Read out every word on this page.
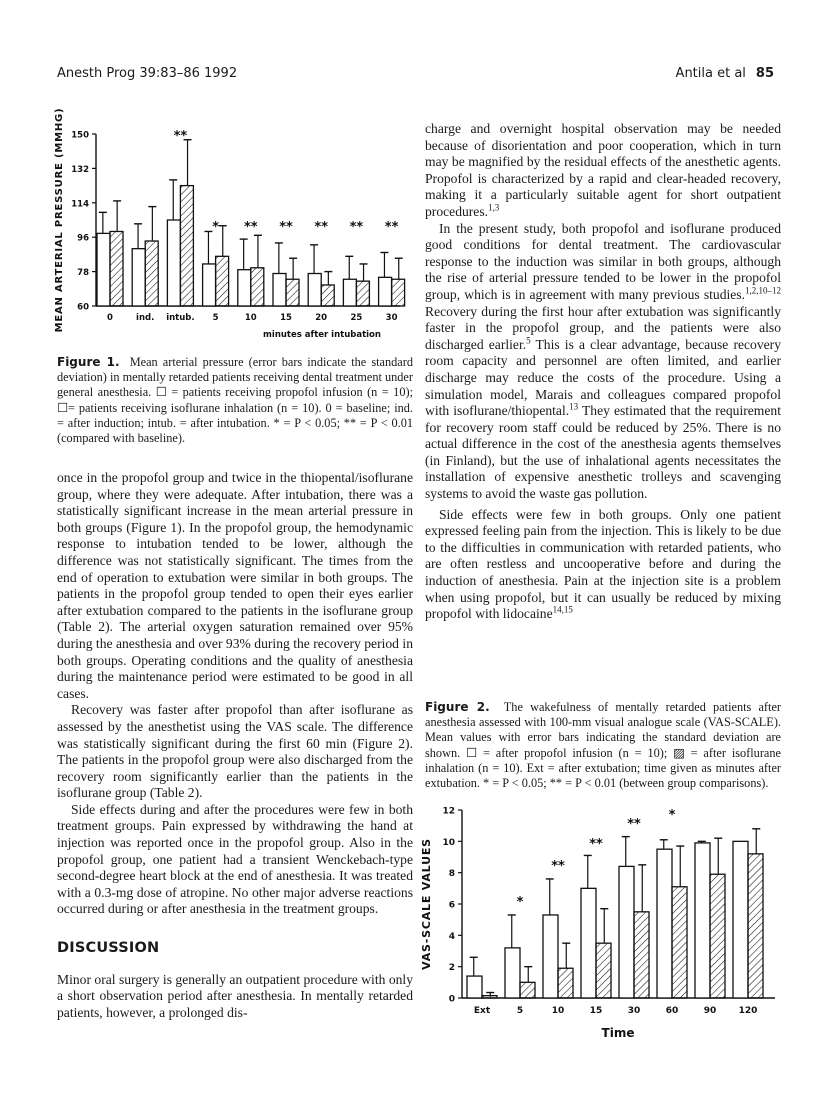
Anesth Prog 39:83–86 1992	Antila et al 85
60
78
96
114
132
150
MEAN ARTERIAL PRESSURE (MMHG)	0	ind. intub.
**
5
*
10
**
15
**
20
**
25
**
30
**
minutes after intubation
Figure 1. Mean arterial pressure (error bars indicate the standard deviation) in mentally retarded patients receiving dental treatment under general anesthesia. ☐ = patients receiving propofol infusion (n = 10); ☐= patients receiving isoflurane inhalation (n = 10). 0 = baseline; ind. = after induction; intub. = after intubation. * = P < 0.05; ** = P < 0.01 (compared with baseline).

once in the propofol group and twice in the thiopental/isoflurane group, where they were adequate. After intubation, there was a statistically significant increase in the mean arterial pressure in both groups (Figure 1). In the propofol group, the hemodynamic response to intubation tended to be lower, although the difference was not statistically significant. The times from the end of operation to extubation were similar in both groups. The patients in the propofol group tended to open their eyes earlier after extubation compared to the patients in the isoflurane group (Table 2). The arterial oxygen saturation remained over 95% during the anesthesia and over 93% during the recovery period in both groups. Operating conditions and the quality of anesthesia during the maintenance period were estimated to be good in all cases.

Recovery was faster after propofol than after isoflurane as assessed by the anesthetist using the VAS scale. The difference was statistically significant during the first 60 min (Figure 2). The patients in the propofol group were also discharged from the recovery room significantly earlier than the patients in the isoflurane group (Table 2).

Side effects during and after the procedures were few in both treatment groups. Pain expressed by withdrawing the hand at injection was reported once in the propofol group. Also in the propofol group, one patient had a transient Wenckebach-type second-degree heart block at the end of anesthesia. It was treated with a 0.3-mg dose of atropine. No other major adverse reactions occurred during or after anesthesia in the treatment groups.

DISCUSSION

Minor oral surgery is generally an outpatient procedure with only a short observation period after anesthesia. In mentally retarded patients, however, a prolonged dis-

charge and overnight hospital observation may be needed because of disorientation and poor cooperation, which in turn may be magnified by the residual effects of the anesthetic agents. Propofol is characterized by a rapid and clear-headed recovery, making it a particularly suitable agent for short outpatient procedures.$^{1,3}$

In the present study, both propofol and isoflurane produced good conditions for dental treatment. The cardiovascular response to the induction was similar in both groups, although the rise of arterial pressure tended to be lower in the propofol group, which is in agreement with many previous studies.$^{1,2,10-12}$ Recovery during the first hour after extubation was significantly faster in the propofol group, and the patients were also discharged earlier.$^5$ This is a clear advantage, because recovery room capacity and personnel are often limited, and earlier discharge may reduce the costs of the procedure. Using a simulation model, Marais and colleagues compared propofol with isoflurane/thiopental.$^{13}$ They estimated that the requirement for recovery room staff could be reduced by 25%. There is no actual difference in the cost of the anesthesia agents themselves (in Finland), but the use of inhalational agents necessitates the installation of expensive anesthetic trolleys and scavenging systems to avoid the waste gas pollution.

Side effects were few in both groups. Only one patient expressed feeling pain from the injection. This is likely to be due to the difficulties in communication with retarded patients, who are often restless and uncooperative before and during the induction of anesthesia. Pain at the injection site is a problem when using propofol, but it can usually be reduced by mixing propofol with lidocaine$^{14,15}$

Figure 2. The wakefulness of mentally retarded patients after anesthesia assessed with 100-mm visual analogue scale (VAS-SCALE). Mean values with error bars indicating the standard deviation are shown. ☐ = after propofol infusion (n = 10); ▨ = after isoflurane inhalation (n = 10). Ext = after extubation; time given as minutes after extubation. * = P < 0.05; ** = P < 0.01 (between group comparisons).
0
2
4
6
8
10
12
VAS-SCALE VALUES
Ext	5
*
10
**
15
**
30
**
60
*
90 120
Time
